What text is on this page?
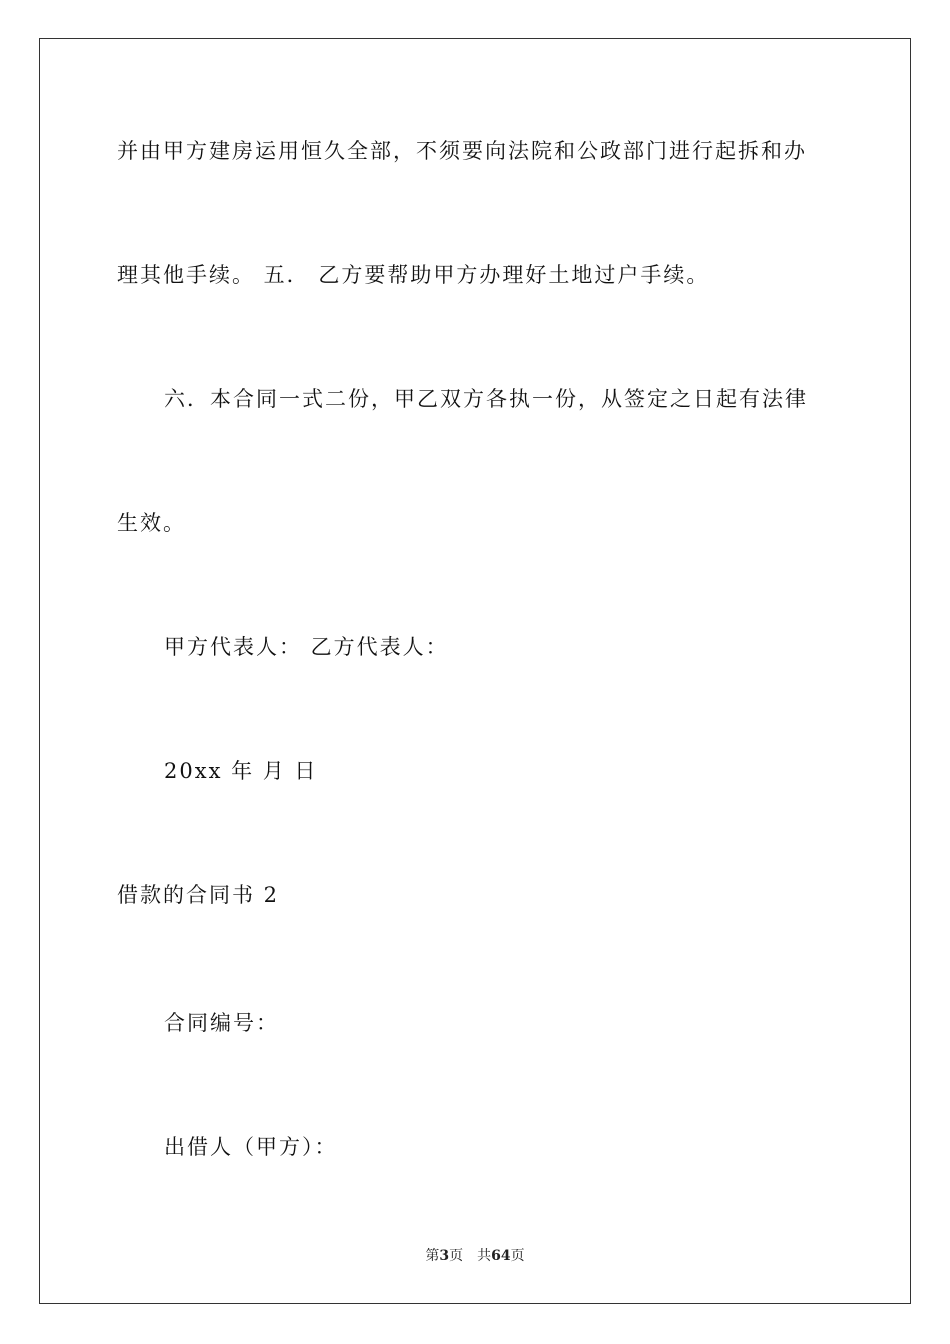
并由甲方建房运用恒久全部，不须要向法院和公政部门进行起拆和办
理其他手续。 五． 乙方要帮助甲方办理好土地过户手续。
六．本合同一式二份，甲乙双方各执一份，从签定之日起有法律
生效。
甲方代表人： 乙方代表人：
20xx 年 月 日
借款的合同书 2
合同编号：
出借人（甲方）：
第3页 共64页
